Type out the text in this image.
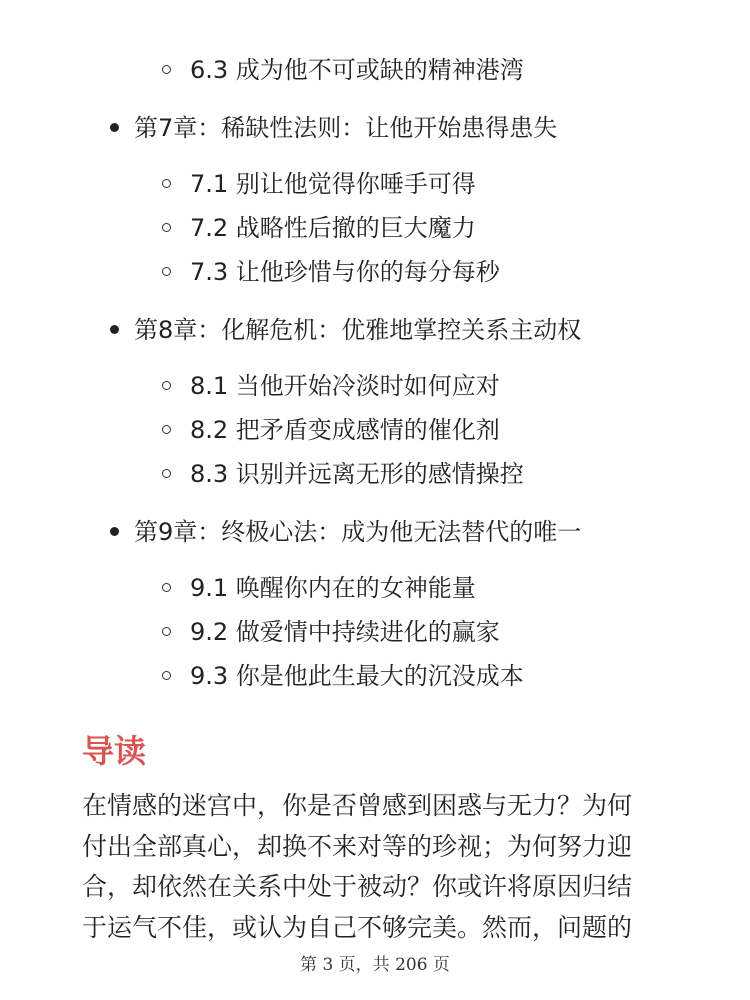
6.3 成为他不可或缺的精神港湾
第7章：稀缺性法则：让他开始患得患失
7.1 别让他觉得你唾手可得
7.2 战略性后撤的巨大魔力
7.3 让他珍惜与你的每分每秒
第8章：化解危机：优雅地掌控关系主动权
8.1 当他开始冷淡时如何应对
8.2 把矛盾变成感情的催化剂
8.3 识别并远离无形的感情操控
第9章：终极心法：成为他无法替代的唯一
9.1 唤醒你内在的女神能量
9.2 做爱情中持续进化的赢家
9.3 你是他此生最大的沉没成本
导读
在情感的迷宫中，你是否曾感到困惑与无力？为何
付出全部真心，却换不来对等的珍视；为何努力迎
合，却依然在关系中处于被动？你或许将原因归结
于运气不佳，或认为自己不够完美。然而，问题的
第 3 页，共 206 页
